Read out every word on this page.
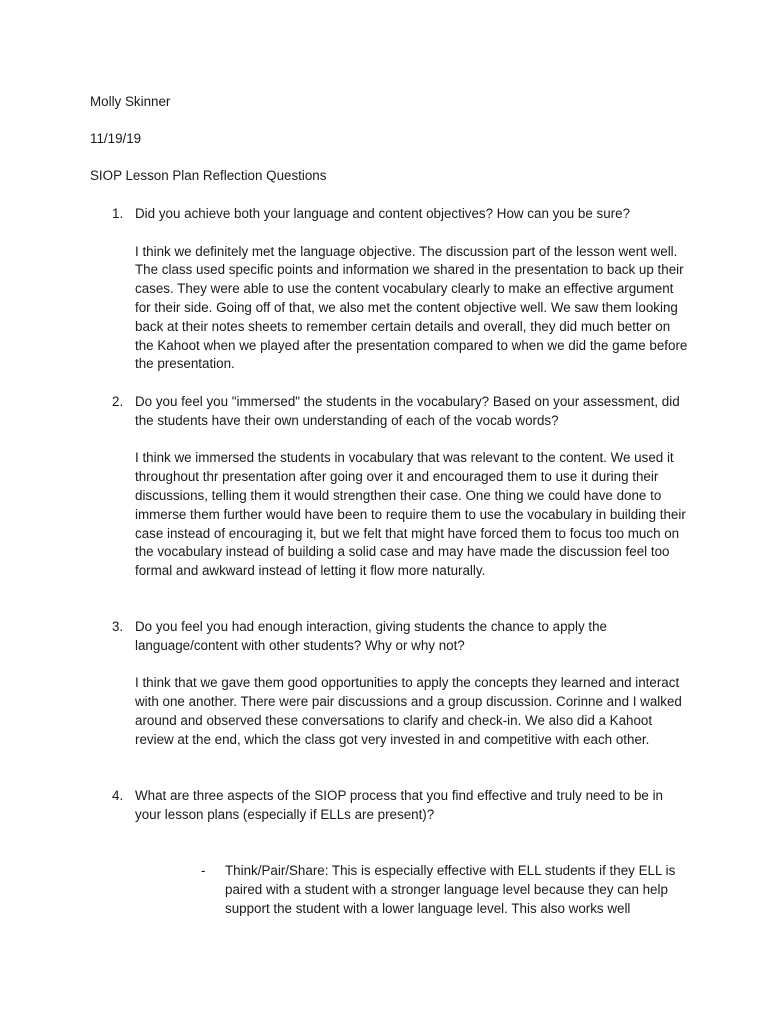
Molly Skinner

11/19/19

SIOP Lesson Plan Reflection Questions

1. Did you achieve both your language and content objectives? How can you be sure?

I think we definitely met the language objective. The discussion part of the lesson went well. The class used specific points and information we shared in the presentation to back up their cases. They were able to use the content vocabulary clearly to make an effective argument for their side. Going off of that, we also met the content objective well. We saw them looking back at their notes sheets to remember certain details and overall, they did much better on the Kahoot when we played after the presentation compared to when we did the game before the presentation.

2. Do you feel you "immersed" the students in the vocabulary? Based on your assessment, did the students have their own understanding of each of the vocab words?

I think we immersed the students in vocabulary that was relevant to the content. We used it throughout thr presentation after going over it and encouraged them to use it during their discussions, telling them it would strengthen their case. One thing we could have done to immerse them further would have been to require them to use the vocabulary in building their case instead of encouraging it, but we felt that might have forced them to focus too much on the vocabulary instead of building a solid case and may have made the discussion feel too formal and awkward instead of letting it flow more naturally.

3. Do you feel you had enough interaction, giving students the chance to apply the language/content with other students? Why or why not?

I think that we gave them good opportunities to apply the concepts they learned and interact with one another. There were pair discussions and a group discussion. Corinne and I walked around and observed these conversations to clarify and check-in. We also did a Kahoot review at the end, which the class got very invested in and competitive with each other.

4. What are three aspects of the SIOP process that you find effective and truly need to be in your lesson plans (especially if ELLs are present)?

- Think/Pair/Share: This is especially effective with ELL students if they ELL is paired with a student with a stronger language level because they can help support the student with a lower language level. This also works well
